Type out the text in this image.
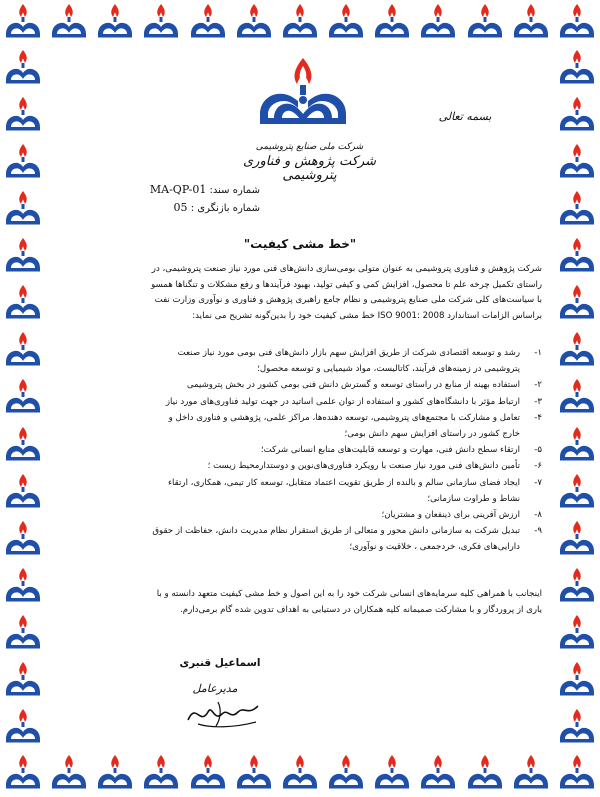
شرکت ملی صنایع پتروشیمی
شرکت پژوهش و فناوری پتروشیمی
بسمه تعالی
شماره سند: MA-QP-01
شماره بازنگری : 05
"خط مشی کیفیت"
شرکت پژوهش و فناوری پتروشیمی به عنوان متولی بومی‌سازی دانش‌های فنی مورد نیاز صنعت پتروشیمی، در
راستای تکمیل چرخه علم تا محصول، افزایش کمی و کیفی تولید، بهبود فرآیندها و رفع مشکلات و تنگناها همسو
با سیاست‌های کلی شرکت ملی صنایع پتروشیمی و نظام جامع راهبری پژوهش و فناوری و نوآوری وزارت نفت
براساس الزامات استاندارد ISO 9001: 2008 خط مشی کیفیت خود را بدین‌گونه تشریح می نماید:
۱-
رشد و توسعه اقتصادی شرکت از طریق افزایش سهم بازار دانش‌های فنی بومی مورد نیاز صنعت
پتروشیمی در زمینه‌های فرآیند، کاتالیست، مواد شیمیایی و توسعه محصول؛
۲-
استفاده بهینه از منابع در راستای توسعه و گسترش دانش فنی بومی کشور در بخش پتروشیمی
۳-
ارتباط مؤثر با دانشگاه‌های کشور و استفاده از توان علمی اساتید در جهت تولید فناوری‌های مورد نیاز
۴-
تعامل و مشارکت با مجتمع‌های پتروشیمی، توسعه دهنده‌ها، مراکز علمی، پژوهشی و فناوری داخل و
خارج کشور در راستای افزایش سهم دانش بومی؛
۵-
ارتقاء سطح دانش فنی، مهارت و توسعه قابلیت‌های منابع انسانی شرکت؛
۶-
تأمین دانش‌های فنی مورد نیاز صنعت با رویکرد فناوری‌های‌نوین و دوستدارمحیط زیست ؛
۷-
ایجاد فضای سازمانی سالم و بالنده از طریق تقویت اعتماد متقابل، توسعه کار تیمی، همکاری، ارتقاء
نشاط و طراوت سازمانی؛
۸-
ارزش آفرینی برای ذینفعان و مشتریان؛
۹-
تبدیل شرکت به سازمانی دانش محور و متعالی از طریق استقرار نظام مدیریت دانش، حفاظت از حقوق
دارایی‌های فکری، خردجمعی ، خلاقیت و نوآوری؛
اینجانب با همراهی کلیه سرمایه‌های انسانی شرکت خود را به این اصول و خط مشی کیفیت متعهد دانسته و با
یاری از پروردگار و با مشارکت صمیمانه کلیه همکاران در دستیابی به اهداف تدوین شده گام برمی‌دارم.
اسماعیل قنبری
مدیرعامل
